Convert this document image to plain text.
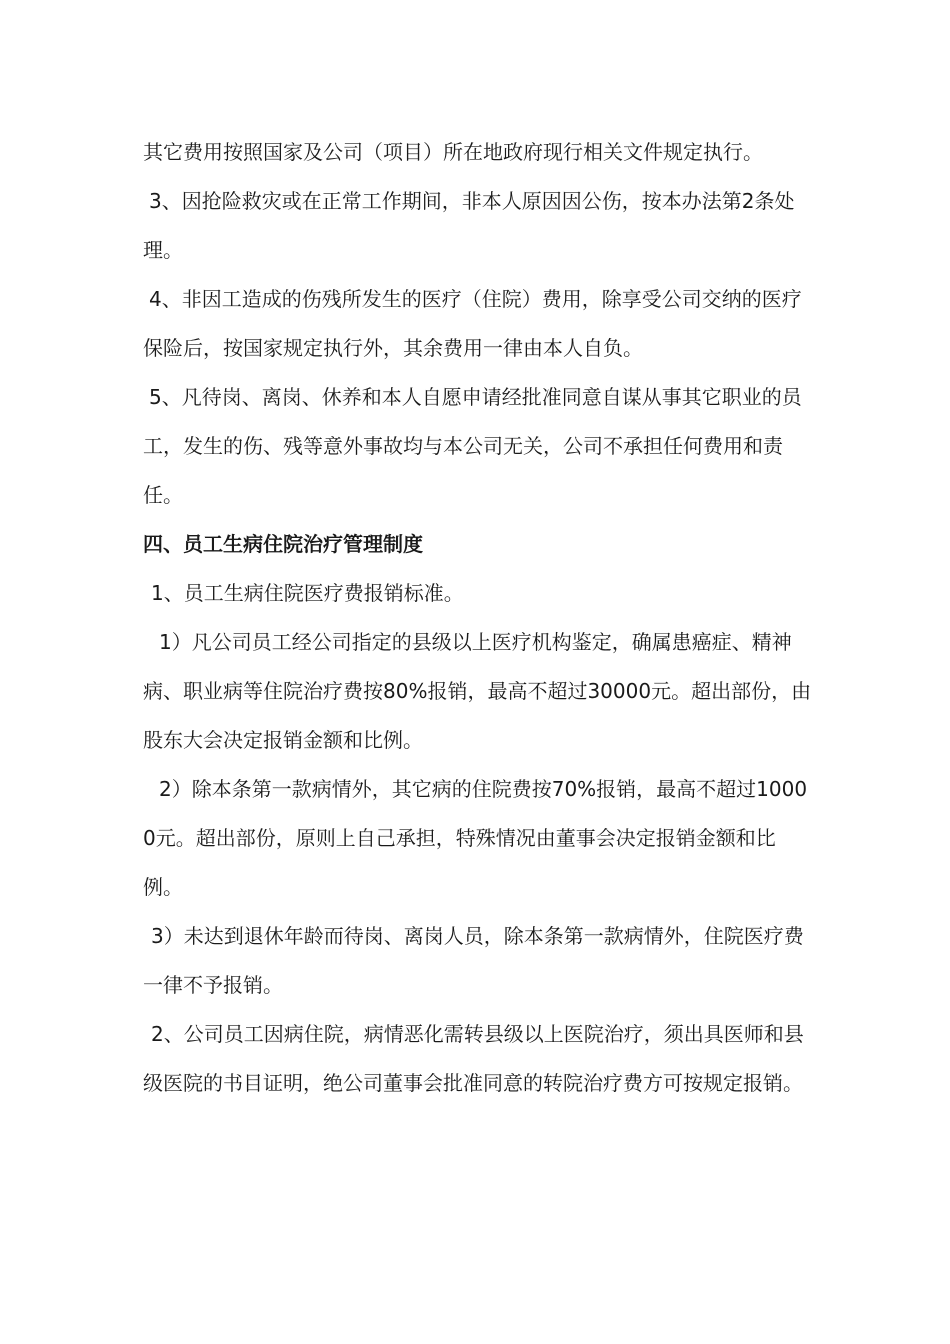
其它费用按照国家及公司（项目）所在地政府现行相关文件规定执行。

3、因抢险救灾或在正常工作期间，非本人原因因公伤，按本办法第2条处理。

4、非因工造成的伤残所发生的医疗（住院）费用，除享受公司交纳的医疗保险后，按国家规定执行外，其余费用一律由本人自负。

5、凡待岗、离岗、休养和本人自愿申请经批准同意自谋从事其它职业的员工，发生的伤、残等意外事故均与本公司无关，公司不承担任何费用和责任。

四、员工生病住院治疗管理制度

1、员工生病住院医疗费报销标准。

1）凡公司员工经公司指定的县级以上医疗机构鉴定，确属患癌症、精神病、职业病等住院治疗费按80%报销，最高不超过30000元。超出部份，由股东大会决定报销金额和比例。

2）除本条第一款病情外，其它病的住院费按70%报销，最高不超过10000元。超出部份，原则上自己承担，特殊情况由董事会决定报销金额和比例。

3）未达到退休年龄而待岗、离岗人员，除本条第一款病情外，住院医疗费一律不予报销。

2、公司员工因病住院，病情恶化需转县级以上医院治疗，须出具医师和县级医院的书目证明，绝公司董事会批准同意的转院治疗费方可按规定报销。
